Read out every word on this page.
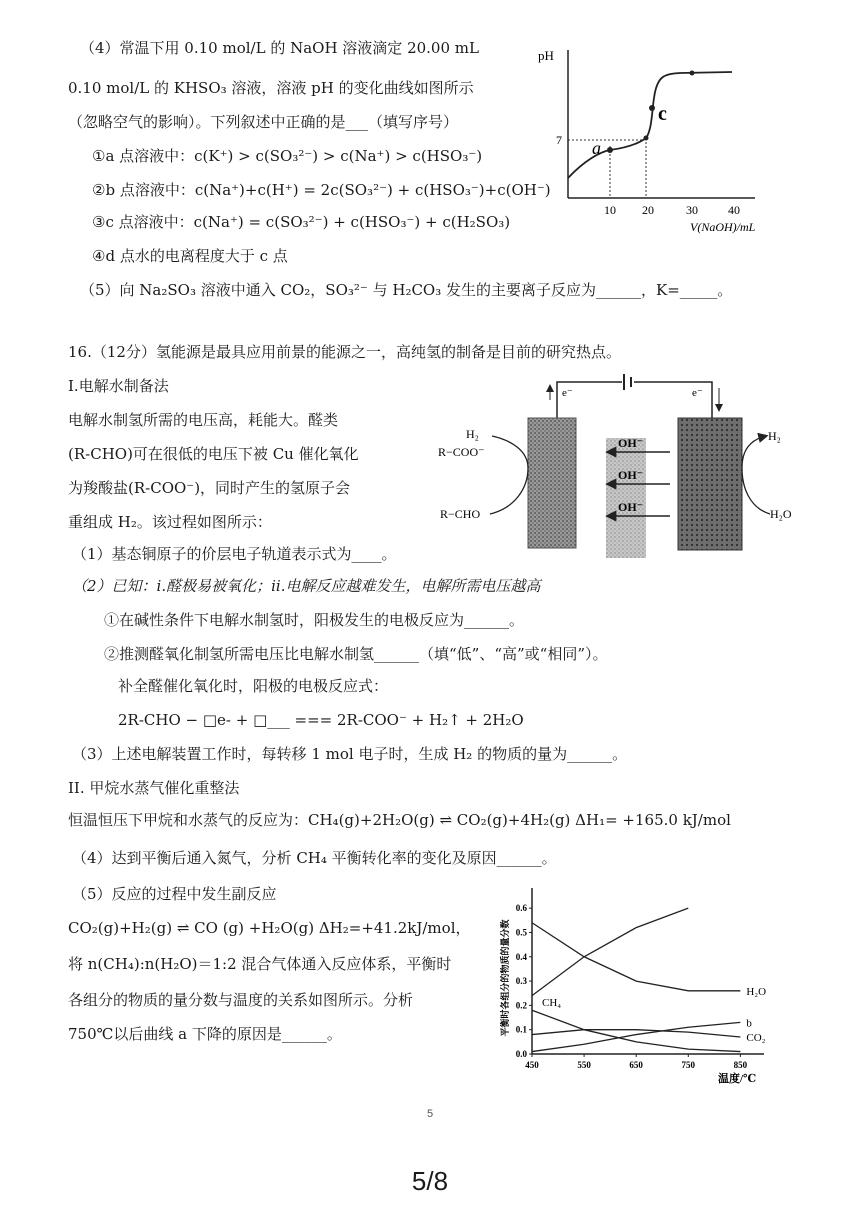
（4）常温下用 0.10 mol/L 的 NaOH 溶液滴定 20.00 mL
0.10 mol/L 的 KHSO₃ 溶液，溶液 pH 的变化曲线如图所示
（忽略空气的影响）。下列叙述中正确的是___（填写序号）
①a 点溶液中：c(K⁺) > c(SO₃²⁻) > c(Na⁺) > c(HSO₃⁻)
②b 点溶液中：c(Na⁺)+c(H⁺) = 2c(SO₃²⁻) + c(HSO₃⁻)+c(OH⁻)
③c 点溶液中：c(Na⁺) = c(SO₃²⁻) + c(HSO₃⁻) + c(H₂SO₃)
④d 点水的电离程度大于 c 点
（5）向 Na₂SO₃ 溶液中通入 CO₂，SO₃²⁻ 与 H₂CO₃ 发生的主要离子反应为______，K=_____。
pH
7 a
c
10 20	30	40
V(NaOH)/mL
16.（12分）氢能源是最具应用前景的能源之一，高纯氢的制备是目前的研究热点。
I.电解水制备法
电解水制氢所需的电压高，耗能大。醛类
(R-CHO)可在很低的电压下被 Cu 催化氧化
为羧酸盐(R-COO⁻)，同时产生的氢原子会
重组成 H₂。该过程如图所示：
（1）基态铜原子的价层电子轨道表示式为____。
（2）已知：i.醛极易被氧化；ii.电解反应越难发生，电解所需电压越高
①在碱性条件下电解水制氢时，阳极发生的电极反应为______。
②推测醛氧化制氢所需电压比电解水制氢______（填“低”、“高”或“相同”）。
补全醛催化氧化时，阳极的电极反应式：
2R-CHO − □e- + □___ === 2R-COO⁻ + H₂↑ + 2H₂O
（3）上述电解装置工作时，每转移 1 mol 电子时，生成 H₂ 的物质的量为______。
II. 甲烷水蒸气催化重整法
恒温恒压下甲烷和水蒸气的反应为：CH₄(g)+2H₂O(g) ⇌ CO₂(g)+4H₂(g) ΔH₁= +165.0 kJ/mol
（4）达到平衡后通入氮气，分析 CH₄ 平衡转化率的变化及原因______。
（5）反应的过程中发生副反应
CO₂(g)+H₂(g) ⇌ CO (g) +H₂O(g) ΔH₂=+41.2kJ/mol，
将 n(CH₄):n(H₂O)＝1:2 混合气体通入反应体系，平衡时
各组分的物质的量分数与温度的关系如图所示。分析
750℃以后曲线 a 下降的原因是______。
e⁻	e⁻
OH⁻
OH⁻
OH⁻
H₂
R−COO⁻
R−CHO
H₂
H₂O
0.0
0.1
0.2
0.3
0.4
0.5
0.6
450	550	650	750	850
H₂O
CH₄
b
CO₂
平衡时各组分的物质的量分数
温度/℃
5
5/8
